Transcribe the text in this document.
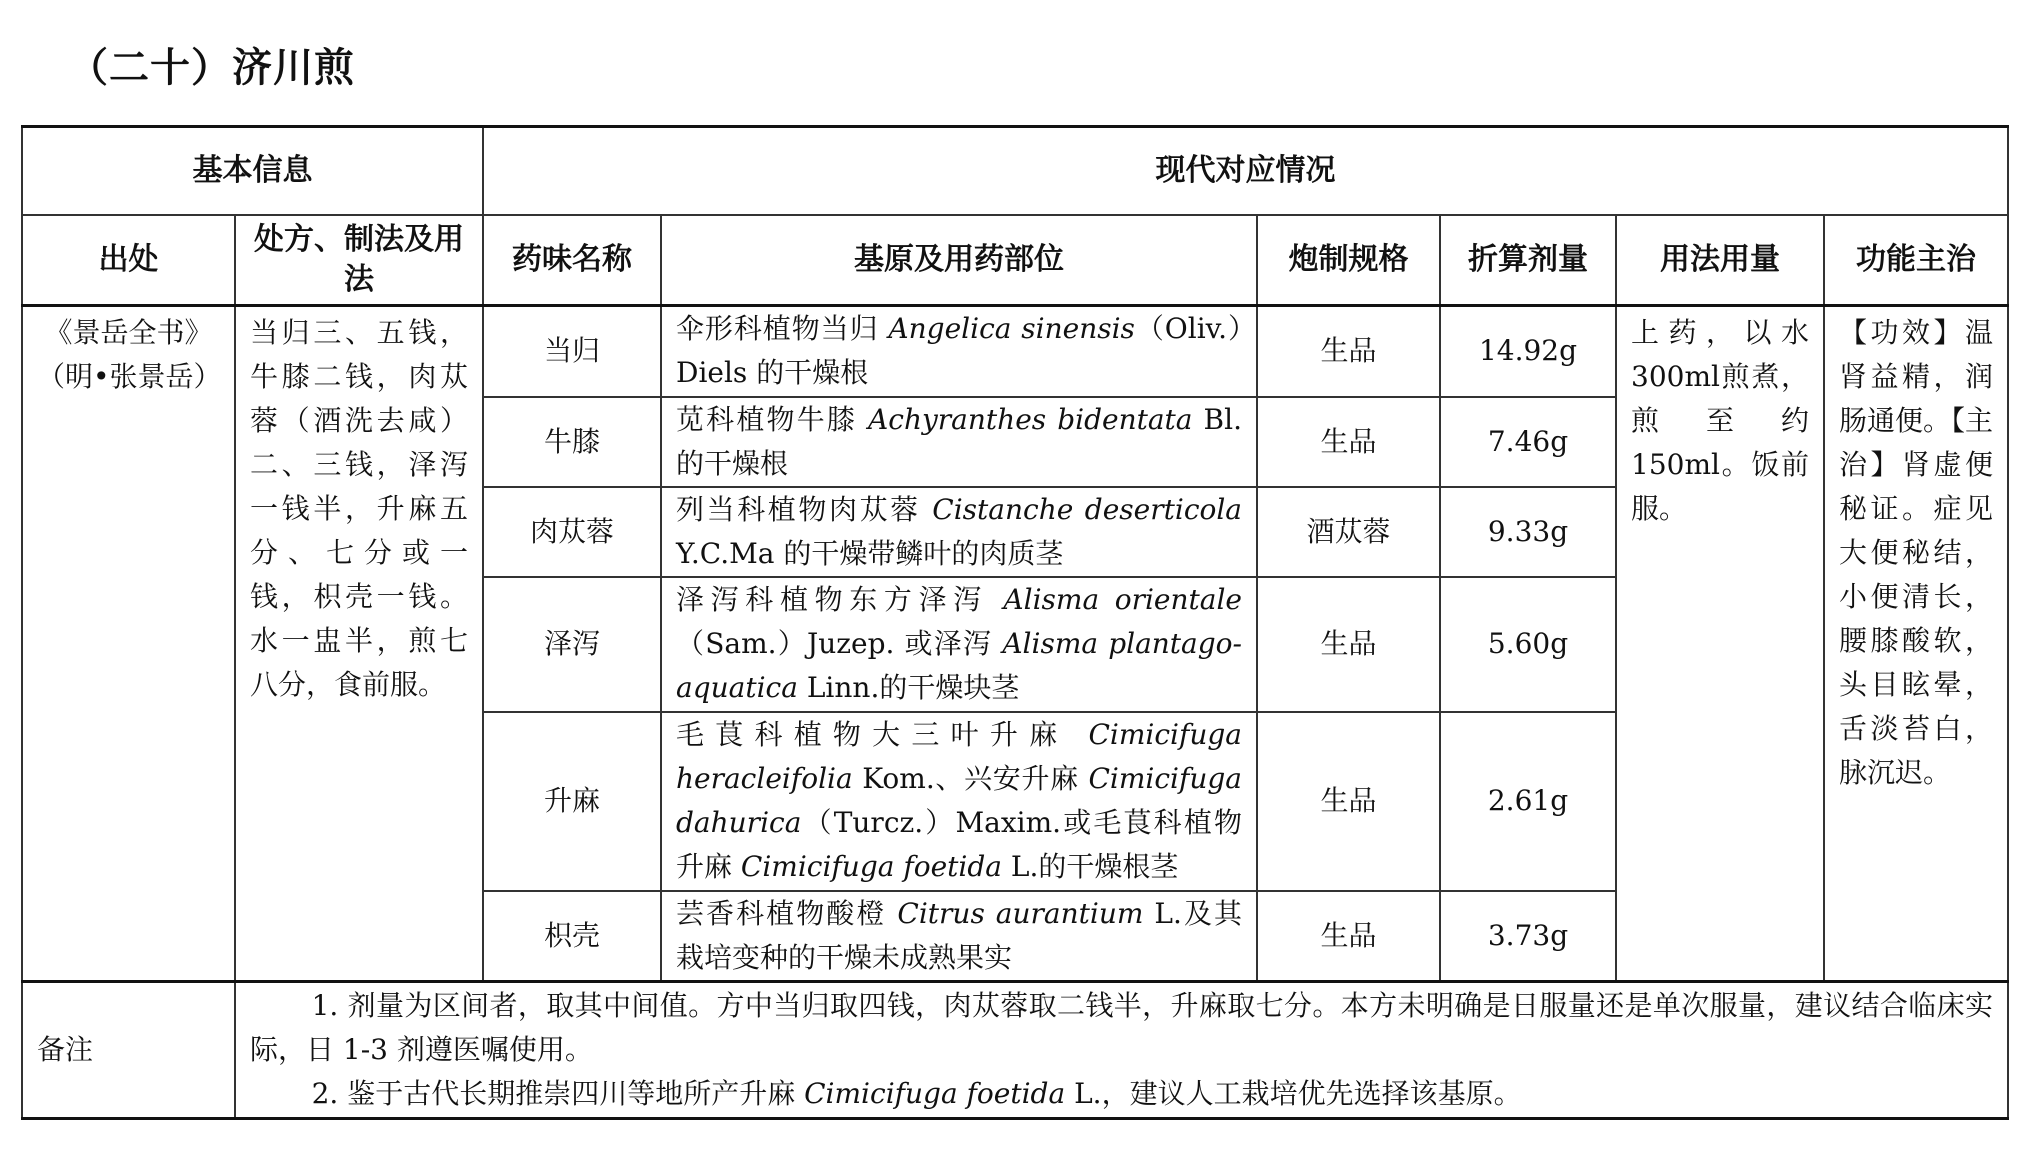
（二十）济川煎
基本信息		现代对应情况					
出处	处方、制法及用法	药味名称	基原及用药部位	炮制规格	折算剂量	用法用量	功能主治
《景岳全书》（明•张景岳）	当归三、五钱，牛膝二钱，肉苁蓉（酒洗去咸）二、三钱，泽泻一钱半，升麻五分、七分或一钱，枳壳一钱。水一盅半，煎七八分，食前服。	当归	伞形科植物当归 Angelica sinensis（Oliv.）Diels 的干燥根	生品	14.92g	上药，以水300ml煎煮，煎至约150ml。饭前服。	【功效】温肾益精，润肠通便。【主治】肾虚便秘证。症见大便秘结，小便清长，腰膝酸软，头目眩晕，舌淡苔白，脉沉迟。
		牛膝	苋科植物牛膝 Achyranthes bidentata Bl. 的干燥根	生品	7.46g		
		肉苁蓉	列当科植物肉苁蓉 Cistanche deserticola Y.C.Ma 的干燥带鳞叶的肉质茎	酒苁蓉	9.33g		
		泽泻	泽泻科植物东方泽泻 Alisma orientale（Sam.）Juzep. 或泽泻 Alisma plantago-aquatica Linn.的干燥块茎	生品	5.60g		
		升麻	毛茛科植物大三叶升麻 Cimicifuga heracleifolia Kom.、兴安升麻 Cimicifuga dahurica（Turcz.）Maxim.或毛茛科植物升麻 Cimicifuga foetida L.的干燥根茎	生品	2.61g		
		枳壳	芸香科植物酸橙 Citrus aurantium L.及其栽培变种的干燥未成熟果实	生品	3.73g		
备注	1. 剂量为区间者，取其中间值。方中当归取四钱，肉苁蓉取二钱半，升麻取七分。本方未明确是日服量还是单次服量，建议结合临床实际，日 1-3 剂遵医嘱使用。

2. 鉴于古代长期推崇四川等地所产升麻 Cimicifuga foetida L.，建议人工栽培优先选择该基原。						
